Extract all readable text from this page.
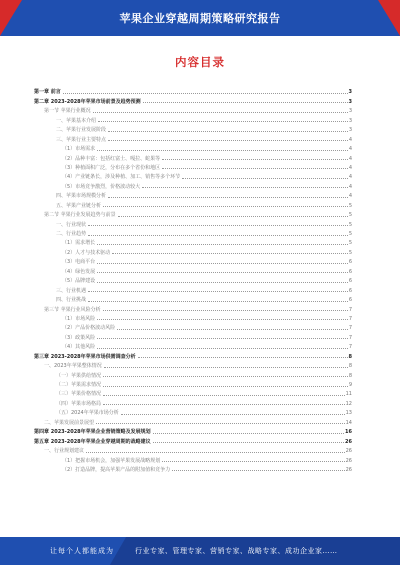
苹果企业穿越周期策略研究报告
内容目录
第一章 前言	3
第二章 2023-2028年苹果市场前景及趋势预测	3
第一节 苹果行业概况	3
一、苹果基本介绍	3
二、苹果行业发展阶段	3
三、苹果行业主要特点	4
（1）市场需求	4
（2）品种丰富：包括红富士、嘎拉、蛇果等	4
（3）种植面积广泛，分布在多个省份和地区	4
（4）产业链条长，涉及种植、加工、销售等多个环节	4
（5）市场竞争激烈，价格波动较大	4
四、苹果市场规模分析	4
五、苹果产业链分析	5
第二节 苹果行业发展趋势与前景	5
一、行业现状	5
二、行业趋势	5
（1）需求增长	5
（2）人才与技术驱动	5
（3）电商平台	6
（4）绿色发展	6
（5）品牌建设	6
三、行业机遇	6
四、行业挑战	6
第三节 苹果行业风险分析	7
（1）市场风险	7
（2）产品价格波动风险	7
（3）政策风险	7
（4）其他风险	7
第三章 2023-2028年苹果市场供需调查分析	8
一、2023年苹果整体情况	8
（一）苹果供给情况	8
（二）苹果需求情况	9
（三）苹果价格情况	11
（四）苹果市场格局	12
（五）2024年苹果市场分析	13
二、苹果发展前景展望	14
第四章 2023-2028年苹果企业营销策略及发展规划	16
第五章 2023-2028年苹果企业穿越周期的战略建议	26
一、行业规划建议	26
（1）把握市场机会，加强苹果发展战略规划	26
（2）打造品牌，提高苹果产品的附加值和竞争力	26
让每个人都能成为	行业专家、管理专家、营销专家、战略专家、成功企业家……
